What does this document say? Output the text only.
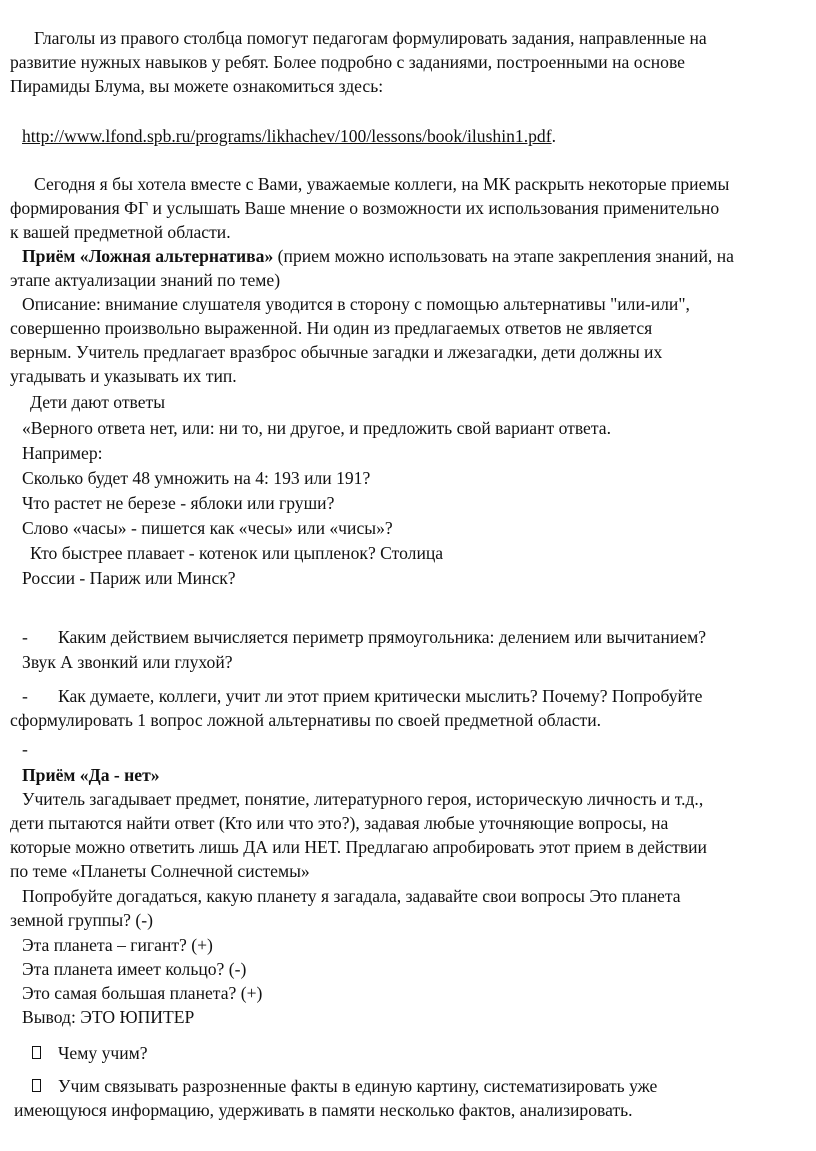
Глаголы из правого столбца помогут педагогам формулировать задания, направленные на
развитие нужных навыков у ребят. Более подробно с заданиями, построенными на основе
Пирамиды Блума, вы можете ознакомиться здесь:
http://www.lfond.spb.ru/programs/likhachev/100/lessons/book/ilushin1.pdf.
Сегодня я бы хотела вместе с Вами, уважаемые коллеги, на МК раскрыть некоторые приемы
формирования ФГ и услышать Ваше мнение о возможности их использования применительно
к вашей предметной области.
Приём «Ложная альтернатива» (прием можно использовать на этапе закрепления знаний, на
этапе актуализации знаний по теме)
Описание: внимание слушателя уводится в сторону с помощью альтернативы "или-или",
совершенно произвольно выраженной. Ни один из предлагаемых ответов не является
верным. Учитель предлагает вразброс обычные загадки и лжезагадки, дети должны их
угадывать и указывать их тип.
Дети дают ответы
«Верного ответа нет, или: ни то, ни другое, и предложить свой вариант ответа.
Например:
Сколько будет 48 умножить на 4: 193 или 191?
Что растет не березе - яблоки или груши?
Слово «часы» - пишется как «чесы» или «чисы»?
Кто быстрее плавает - котенок или цыпленок? Столица
России - Париж или Минск?
- Каким действием вычисляется периметр прямоугольника: делением или вычитанием?
Звук А звонкий или глухой?
- Как думаете, коллеги, учит ли этот прием критически мыслить? Почему? Попробуйте
сформулировать 1 вопрос ложной альтернативы по своей предметной области.
-
Приём «Да - нет»
Учитель загадывает предмет, понятие, литературного героя, историческую личность и т.д.,
дети пытаются найти ответ (Кто или что это?), задавая любые уточняющие вопросы, на
которые можно ответить лишь ДА или НЕТ. Предлагаю апробировать этот прием в действии
по теме «Планеты Солнечной системы»
Попробуйте догадаться, какую планету я загадала, задавайте свои вопросы Это планета
земной группы? (-)
Эта планета – гигант? (+)
Эта планета имеет кольцо? (-)
Это самая большая планета? (+)
Вывод: ЭТО ЮПИТЕР
Чему учим?
Учим связывать разрозненные факты в единую картину, систематизировать уже
имеющуюся информацию, удерживать в памяти несколько фактов, анализировать.
